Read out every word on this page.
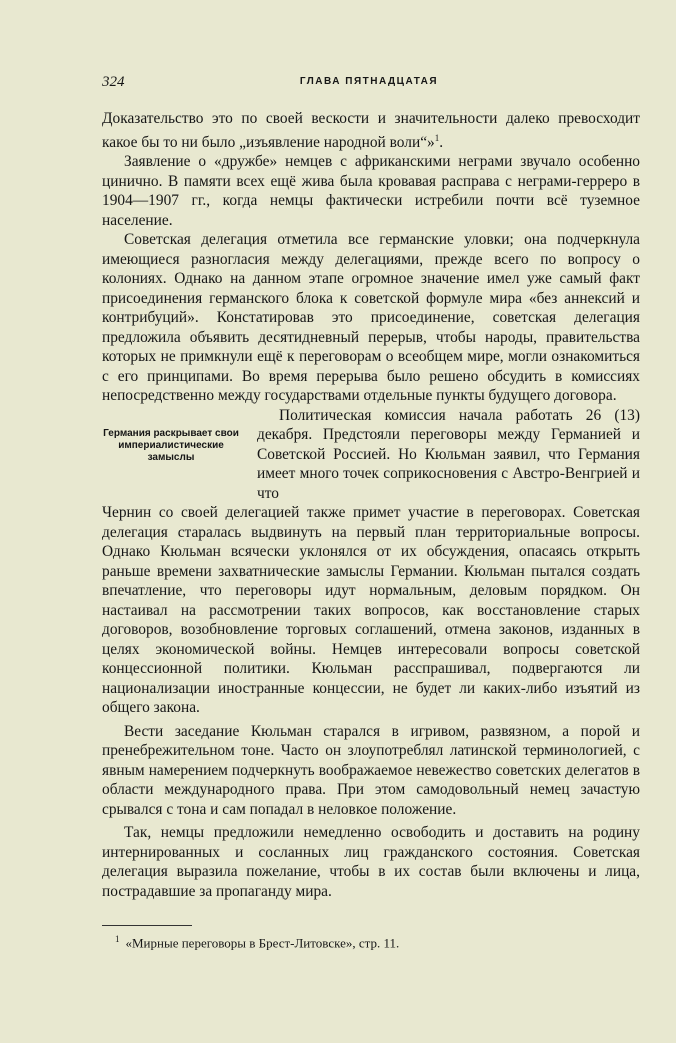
324	ГЛАВА ПЯТНАДЦАТАЯ

Доказательство это по своей вескости и значительности далеко превосходит какое бы то ни было „изъявление народной воли“»$^1$.

Заявление о «дружбе» немцев с африканскими неграми звучало особенно цинично. В памяти всех ещё жива была кровавая расправа с неграми-герреро в 1904—1907 гг., когда немцы фактически истребили почти всё туземное население.

Советская делегация отметила все германские уловки; она подчеркнула имеющиеся разногласия между делегациями, прежде всего по вопросу о колониях. Однако на данном этапе огромное значение имел уже самый факт присоединения германского блока к советской формуле мира «без аннексий и контрибуций». Констатировав это присоединение, советская делегация предложила объявить десятидневный перерыв, чтобы народы, правительства которых не примкнули ещё к переговорам о всеобщем мире, могли ознакомиться с его принципами. Во время перерыва было решено обсудить в комиссиях непосредственно между государствами отдельные пункты будущего договора.

Германия раскрывает свои империалистические замыслы
Политическая комиссия начала работать 26 (13) декабря. Предстояли переговоры между Германией и Советской Россией. Но Кюльман заявил, что Германия имеет много точек соприкосновения с Австро-Венгрией и что

Чернин со своей делегацией также примет участие в переговорах. Советская делегация старалась выдвинуть на первый план территориальные вопросы. Однако Кюльман всячески уклонялся от их обсуждения, опасаясь открыть раньше времени захватнические замыслы Германии. Кюльман пытался создать впечатление, что переговоры идут нормальным, деловым порядком. Он настаивал на рассмотрении таких вопросов, как восстановление старых договоров, возобновление торговых соглашений, отмена законов, изданных в целях экономической войны. Немцев интересовали вопросы советской концессионной политики. Кюльман расспрашивал, подвергаются ли национализации иностранные концессии, не будет ли каких-либо изъятий из общего закона.

Вести заседание Кюльман старался в игривом, развязном, а порой и пренебрежительном тоне. Часто он злоупотреблял латинской терминологией, с явным намерением подчеркнуть воображаемое невежество советских делегатов в области международного права. При этом самодовольный немец зачастую срывался с тона и сам попадал в неловкое положение.

Так, немцы предложили немедленно освободить и доставить на родину интернированных и сосланных лиц гражданского состояния. Советская делегация выразила пожелание, чтобы в их состав были включены и лица, пострадавшие за пропаганду мира.

$^1$ «Мирные переговоры в Брест-Литовске», стр. 11.
